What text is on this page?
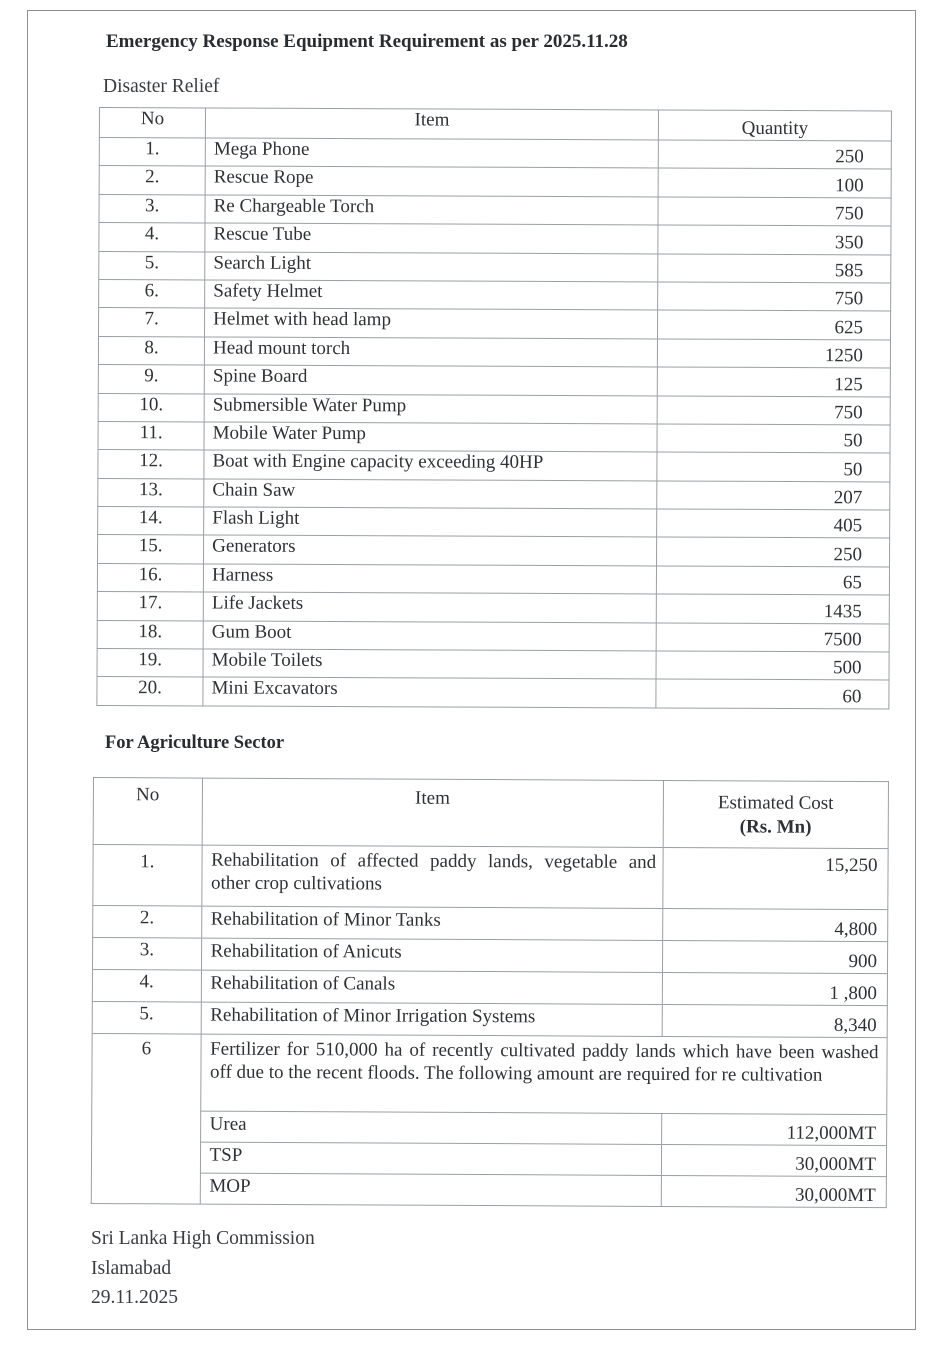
Emergency Response Equipment Requirement as per 2025.11.28
Disaster Relief
No	Item	Quantity
1.	Mega Phone	250
2.	Rescue Rope	100
3.	Re Chargeable Torch	750
4.	Rescue Tube	350
5.	Search Light	585
6.	Safety Helmet	750
7.	Helmet with head lamp	625
8.	Head mount torch	1250
9.	Spine Board	125
10.	Submersible Water Pump	750
11.	Mobile Water Pump	50
12.	Boat with Engine capacity exceeding 40HP	50
13.	Chain Saw	207
14.	Flash Light	405
15.	Generators	250
16.	Harness	65
17.	Life Jackets	1435
18.	Gum Boot	7500
19.	Mobile Toilets	500
20.	Mini Excavators	60
For Agriculture Sector
No	Item	Estimated Cost
(Rs. Mn)

1.	Rehabilitation of affected paddy lands, vegetable and other crop cultivations	15,250
2.	Rehabilitation of Minor Tanks	4,800
3.	Rehabilitation of Anicuts	900
4.	Rehabilitation of Canals	1 ,800
5.	Rehabilitation of Minor Irrigation Systems	8,340
6	Fertilizer for 510,000 ha of recently cultivated paddy lands which have been washed off due to the recent floods. The following amount are required for re cultivation	
	Urea	112,000MT
	TSP	30,000MT
	MOP	30,000MT
Sri Lanka High Commission
Islamabad
29.11.2025
